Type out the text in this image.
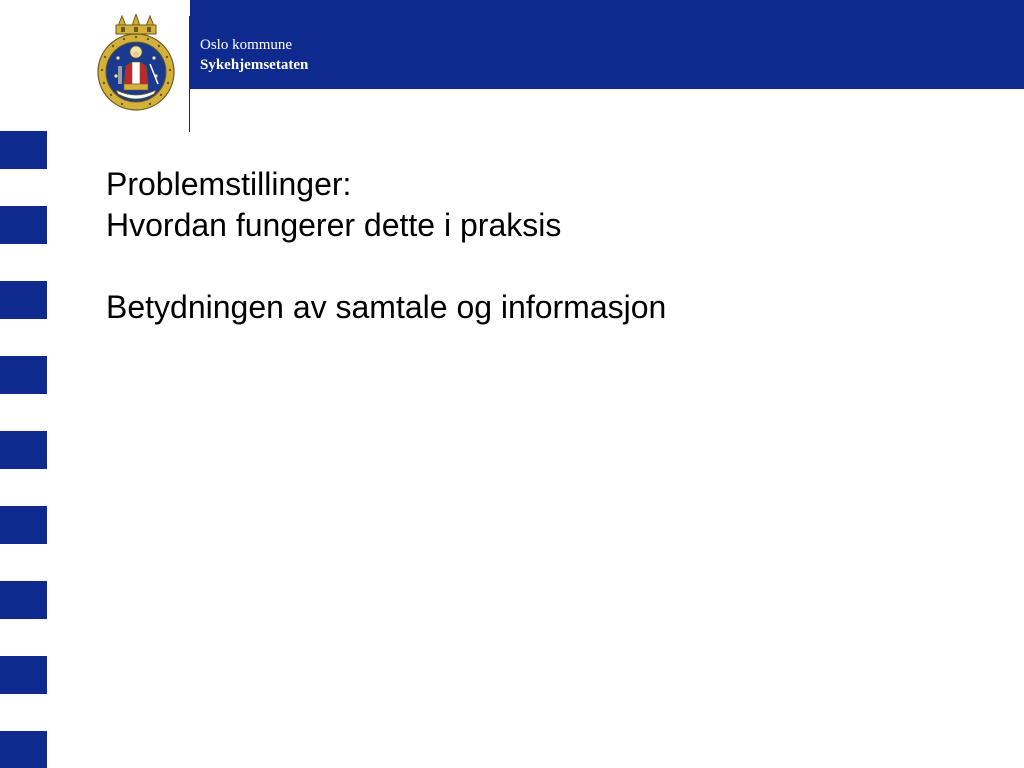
Oslo kommune
Sykehjemsetaten
Problemstillinger:
Hvordan fungerer dette i praksis
Betydningen av samtale og informasjon
